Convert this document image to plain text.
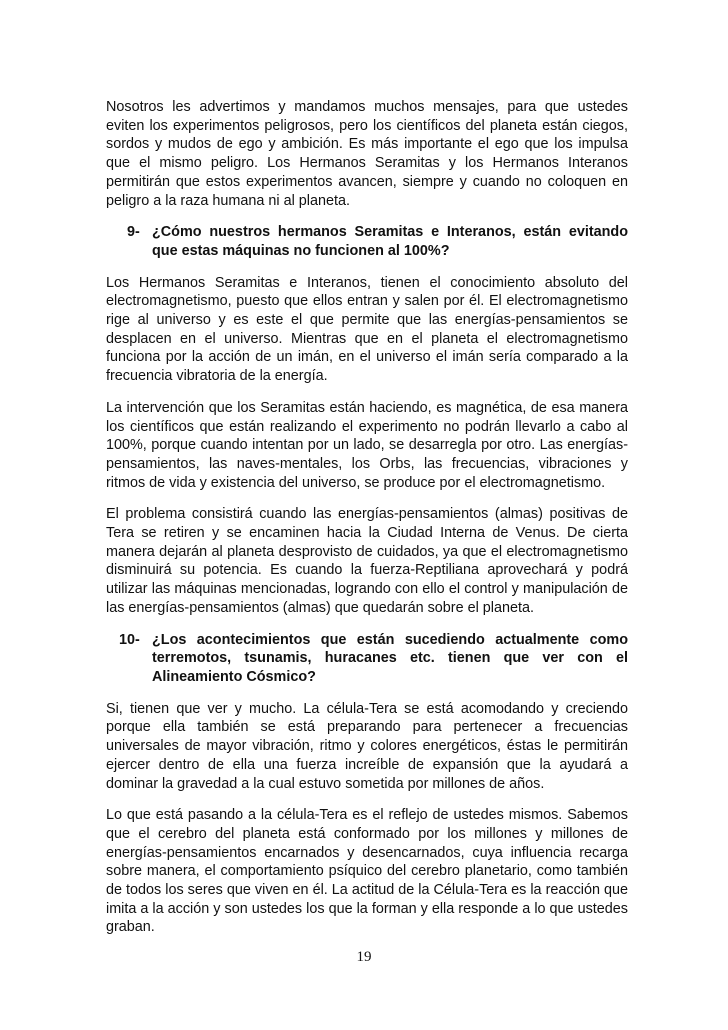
Nosotros les advertimos y mandamos muchos mensajes, para que ustedes eviten los experimentos peligrosos, pero los científicos del planeta están ciegos, sordos y mudos de ego y ambición. Es más importante el ego que los impulsa que el mismo peligro. Los Hermanos Seramitas y los Hermanos Interanos permitirán que estos experimentos avancen, siempre y cuando no coloquen en peligro a la raza humana ni al planeta.

9- ¿Cómo nuestros hermanos Seramitas e Interanos, están evitando que estas máquinas no funcionen al 100%?

Los Hermanos Seramitas e Interanos, tienen el conocimiento absoluto del electromagnetismo, puesto que ellos entran y salen por él. El electromagnetismo rige al universo y es este el que permite que las energías-pensamientos se desplacen en el universo. Mientras que en el planeta el electromagnetismo funciona por la acción de un imán, en el universo el imán sería comparado a la frecuencia vibratoria de la energía.

La intervención que los Seramitas están haciendo, es magnética, de esa manera los científicos que están realizando el experimento no podrán llevarlo a cabo al 100%, porque cuando intentan por un lado, se desarregla por otro. Las energías-pensamientos, las naves-mentales, los Orbs, las frecuencias, vibraciones y ritmos de vida y existencia del universo, se produce por el electromagnetismo.

El problema consistirá cuando las energías-pensamientos (almas) positivas de Tera se retiren y se encaminen hacia la Ciudad Interna de Venus. De cierta manera dejarán al planeta desprovisto de cuidados, ya que el electromagnetismo disminuirá su potencia. Es cuando la fuerza-Reptiliana aprovechará y podrá utilizar las máquinas mencionadas, logrando con ello el control y manipulación de las energías-pensamientos (almas) que quedarán sobre el planeta.

10- ¿Los acontecimientos que están sucediendo actualmente como terremotos, tsunamis, huracanes etc. tienen que ver con el Alineamiento Cósmico?

Si, tienen que ver y mucho. La célula-Tera se está acomodando y creciendo porque ella también se está preparando para pertenecer a frecuencias universales de mayor vibración, ritmo y colores energéticos, éstas le permitirán ejercer dentro de ella una fuerza increíble de expansión que la ayudará a dominar la gravedad a la cual estuvo sometida por millones de años.

Lo que está pasando a la célula-Tera es el reflejo de ustedes mismos. Sabemos que el cerebro del planeta está conformado por los millones y millones de energías-pensamientos encarnados y desencarnados, cuya influencia recarga sobre manera, el comportamiento psíquico del cerebro planetario, como también de todos los seres que viven en él. La actitud de la Célula-Tera es la reacción que imita a la acción y son ustedes los que la forman y ella responde a lo que ustedes graban.

19
